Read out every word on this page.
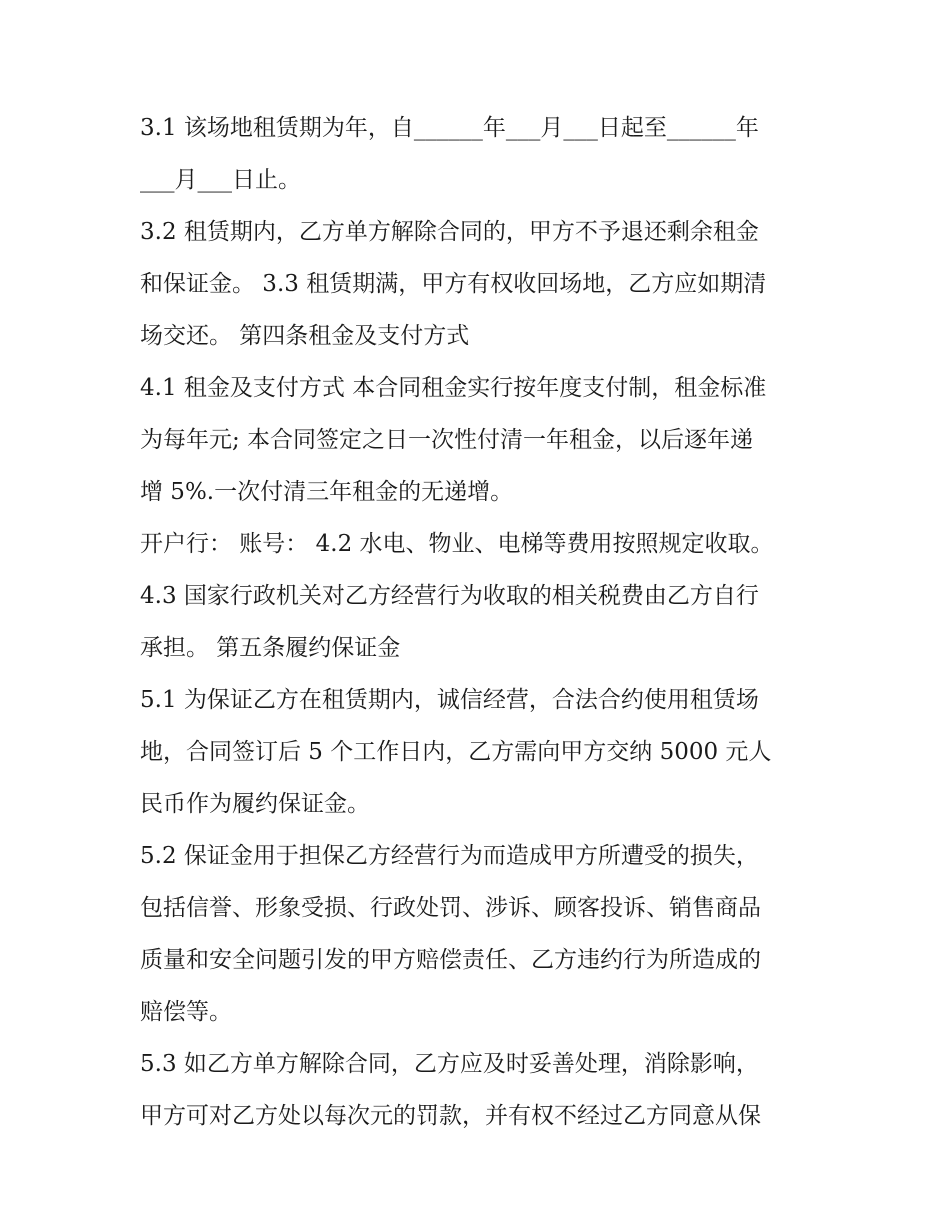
3.1 该场地租赁期为年，自______年___月___日起至______年
___月___日止。
3.2 租赁期内，乙方单方解除合同的，甲方不予退还剩余租金
和保证金。 3.3 租赁期满，甲方有权收回场地，乙方应如期清
场交还。 第四条租金及支付方式
4.1 租金及支付方式 本合同租金实行按年度支付制，租金标准
为每年元; 本合同签定之日一次性付清一年租金，以后逐年递
增 5%.一次付清三年租金的无递增。
开户行： 账号： 4.2 水电、物业、电梯等费用按照规定收取。
4.3 国家行政机关对乙方经营行为收取的相关税费由乙方自行
承担。 第五条履约保证金
5.1 为保证乙方在租赁期内，诚信经营，合法合约使用租赁场
地，合同签订后 5 个工作日内，乙方需向甲方交纳 5000 元人
民币作为履约保证金。
5.2 保证金用于担保乙方经营行为而造成甲方所遭受的损失，
包括信誉、形象受损、行政处罚、涉诉、顾客投诉、销售商品
质量和安全问题引发的甲方赔偿责任、乙方违约行为所造成的
赔偿等。
5.3 如乙方单方解除合同，乙方应及时妥善处理，消除影响，
甲方可对乙方处以每次元的罚款，并有权不经过乙方同意从保
